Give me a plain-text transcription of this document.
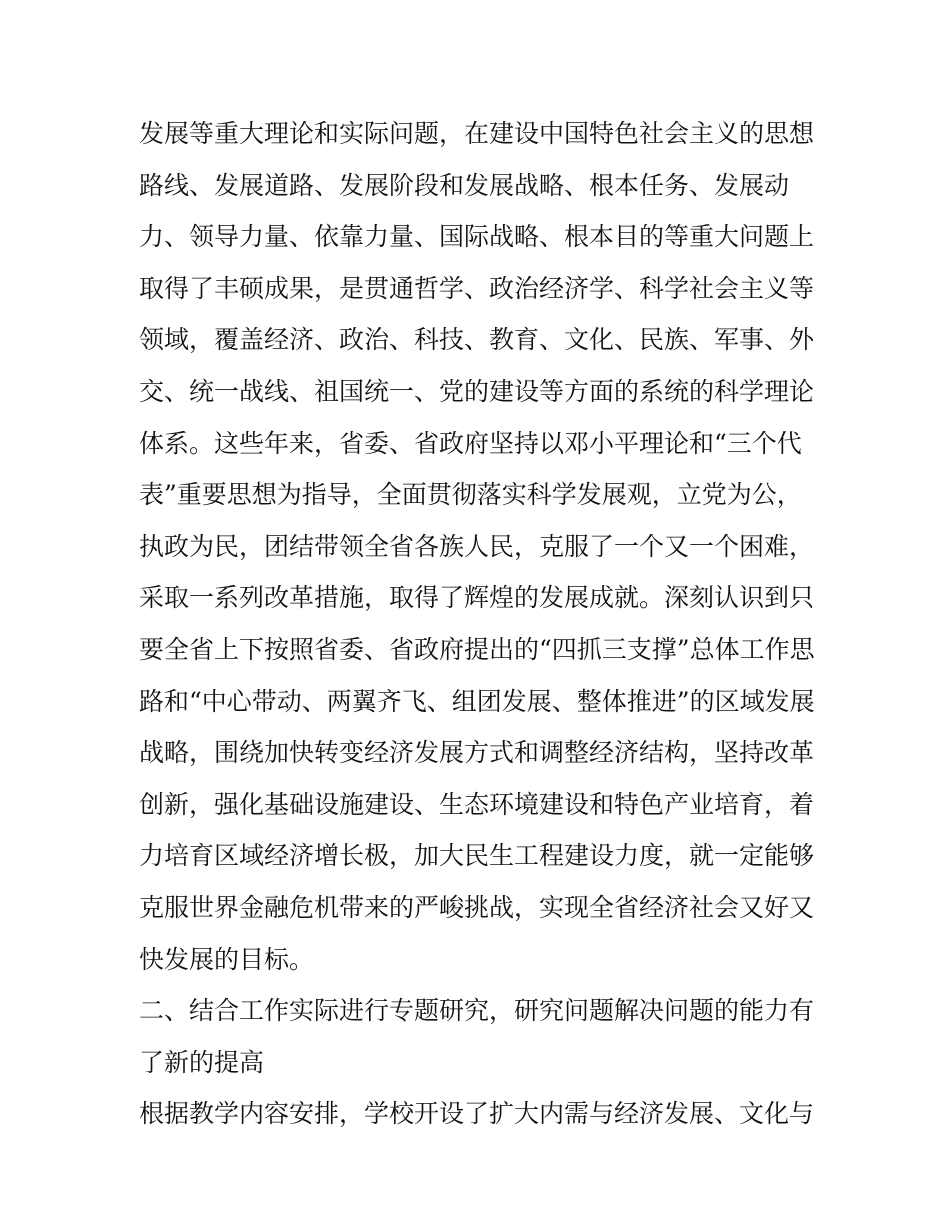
发展等重大理论和实际问题，在建设中国特色社会主义的思想
路线、发展道路、发展阶段和发展战略、根本任务、发展动
力、领导力量、依靠力量、国际战略、根本目的等重大问题上
取得了丰硕成果，是贯通哲学、政治经济学、科学社会主义等
领域，覆盖经济、政治、科技、教育、文化、民族、军事、外
交、统一战线、祖国统一、党的建设等方面的系统的科学理论
体系。这些年来，省委、省政府坚持以邓小平理论和“三个代
表”重要思想为指导，全面贯彻落实科学发展观，立党为公，
执政为民，团结带领全省各族人民，克服了一个又一个困难，
采取一系列改革措施，取得了辉煌的发展成就。深刻认识到只
要全省上下按照省委、省政府提出的“四抓三支撑”总体工作思
路和“中心带动、两翼齐飞、组团发展、整体推进”的区域发展
战略，围绕加快转变经济发展方式和调整经济结构，坚持改革
创新，强化基础设施建设、生态环境建设和特色产业培育，着
力培育区域经济增长极，加大民生工程建设力度，就一定能够
克服世界金融危机带来的严峻挑战，实现全省经济社会又好又
快发展的目标。
二、结合工作实际进行专题研究，研究问题解决问题的能力有
了新的提高
根据教学内容安排，学校开设了扩大内需与经济发展、文化与
